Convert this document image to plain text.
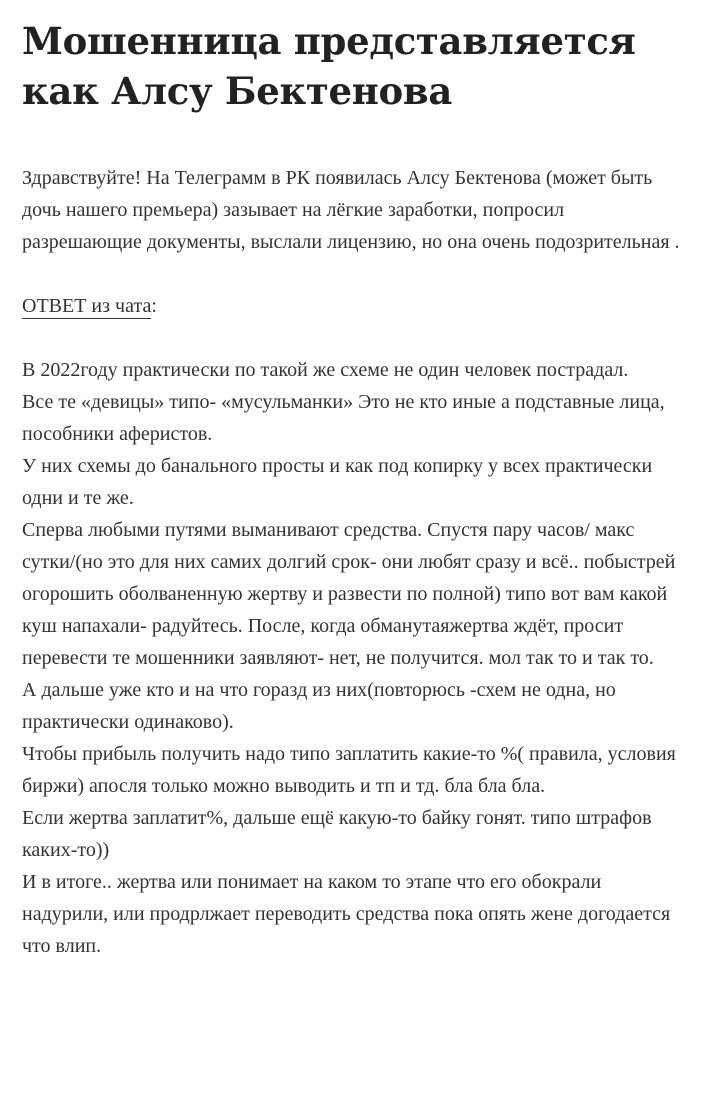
Мошенница представляется как Алсу Бектенова

Здравствуйте! На Телеграмм в РК появилась Алсу Бектенова (может быть дочь нашего премьера) зазывает на лёгкие заработки, попросил разрешающие документы, выслали лицензию, но она очень подозрительная .

ОТВЕТ из чата:

В 2022году практически по такой же схеме не один человек пострадал.

Все те «девицы» типо- «мусульманки» Это не кто иные а подставные лица, пособники аферистов.

У них схемы до банального просты и как под копирку у всех практически одни и те же.

Сперва любыми путями выманивают средства. Спустя пару часов/ макс сутки/(но это для них самих долгий срок- они любят сразу и всё.. побыстрей огорошить оболваненную жертву и развести по полной) типо вот вам какой куш напахали- радуйтесь. После, когда обманутаяжертва ждёт, просит перевести те мошенники заявляют- нет, не получится. мол так то и так то.

А дальше уже кто и на что горазд из них(повторюсь -схем не одна, но практически одинаково).

Чтобы прибыль получить надо типо заплатить какие-то %( правила, условия биржи) апосля только можно выводить и тп и тд. бла бла бла.

Если жертва заплатит%, дальше ещё какую-то байку гонят. типо штрафов каких-то))

И в итоге.. жертва или понимает на каком то этапе что его обокрали надурили, или продрлжает переводить средства пока опять жене догодается что влип.
